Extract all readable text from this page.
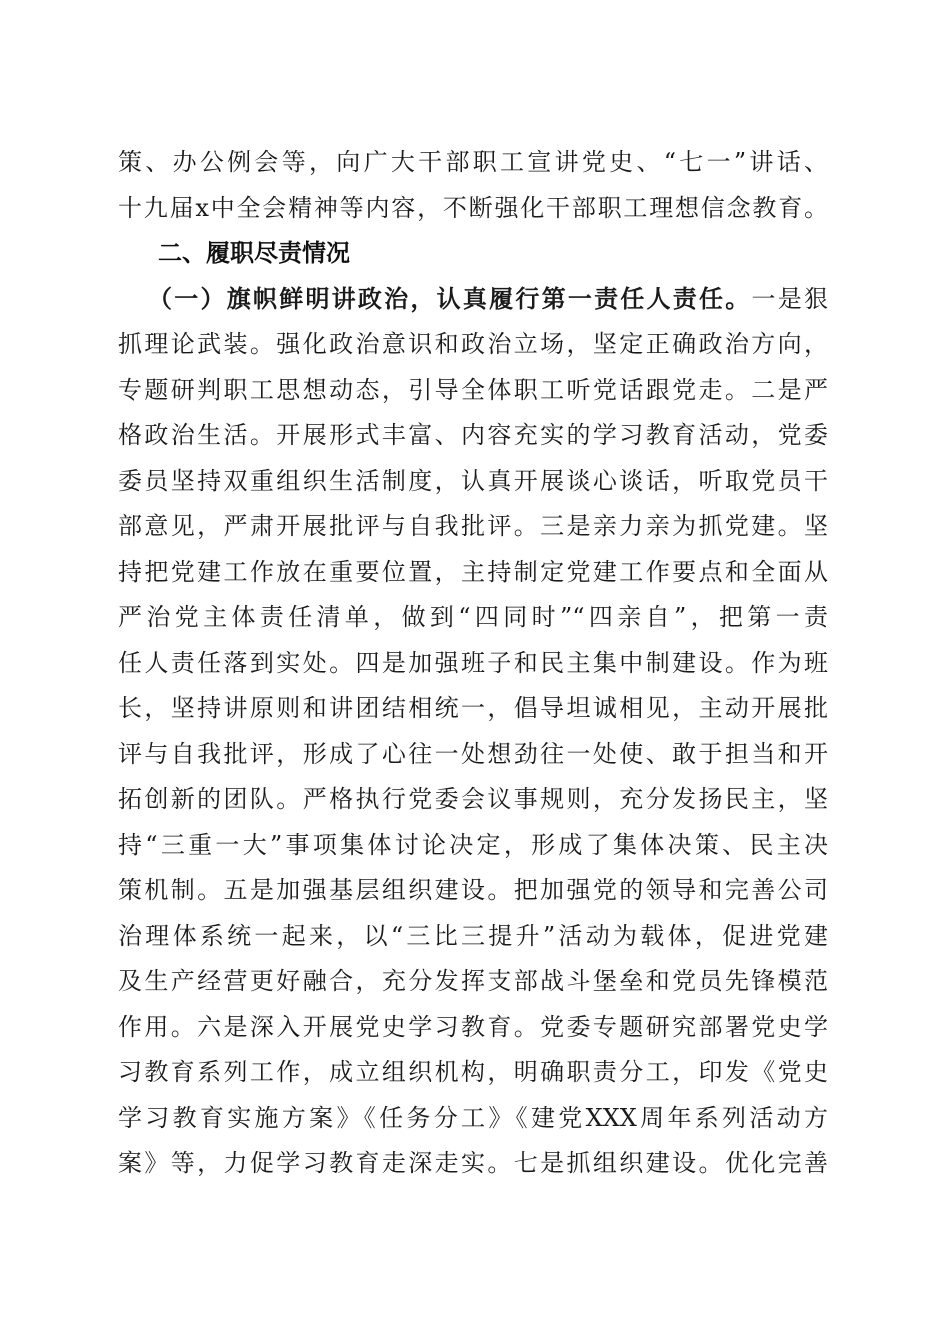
策、办公例会等，向广大干部职工宣讲党史、“七一”讲话、
十九届x中全会精神等内容，不断强化干部职工理想信念教育。
二、履职尽责情况
（一）旗帜鲜明讲政治，认真履行第一责任人责任。一是狠
抓理论武装。强化政治意识和政治立场，坚定正确政治方向，
专题研判职工思想动态，引导全体职工听党话跟党走。二是严
格政治生活。开展形式丰富、内容充实的学习教育活动，党委
委员坚持双重组织生活制度，认真开展谈心谈话，听取党员干
部意见，严肃开展批评与自我批评。三是亲力亲为抓党建。坚
持把党建工作放在重要位置，主持制定党建工作要点和全面从
严治党主体责任清单，做到“四同时”“四亲自”，把第一责
任人责任落到实处。四是加强班子和民主集中制建设。作为班
长，坚持讲原则和讲团结相统一，倡导坦诚相见，主动开展批
评与自我批评，形成了心往一处想劲往一处使、敢于担当和开
拓创新的团队。严格执行党委会议事规则，充分发扬民主，坚
持“三重一大”事项集体讨论决定，形成了集体决策、民主决
策机制。五是加强基层组织建设。把加强党的领导和完善公司
治理体系统一起来，以“三比三提升”活动为载体，促进党建
及生产经营更好融合，充分发挥支部战斗堡垒和党员先锋模范
作用。六是深入开展党史学习教育。党委专题研究部署党史学
习教育系列工作，成立组织机构，明确职责分工，印发《党史
学习教育实施方案》《任务分工》《建党XXX周年系列活动方
案》等，力促学习教育走深走实。七是抓组织建设。优化完善
